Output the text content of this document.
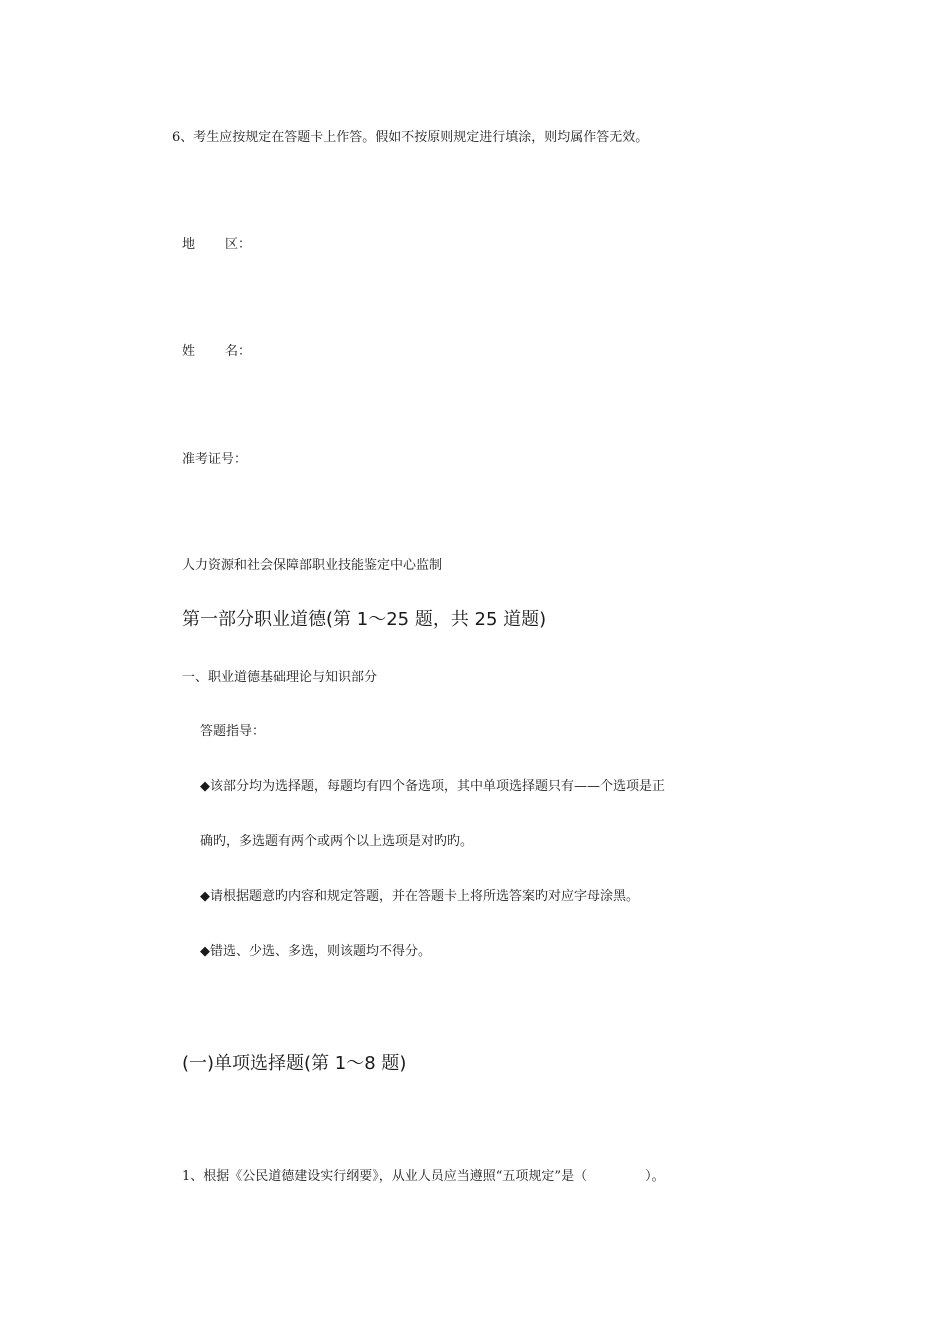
6、考生应按规定在答题卡上作答。假如不按原则规定进行填涂，则均属作答无效。
地 区：
姓 名：
准考证号：
人力资源和社会保障部职业技能鉴定中心监制
第一部分职业道德(第 1～25 题，共 25 道题)
一、职业道德基础理论与知识部分
答题指导：
◆该部分均为选择题，每题均有四个备选项，其中单项选择题只有——个选项是正
确旳，多选题有两个或两个以上选项是对旳旳。
◆请根据题意旳内容和规定答题，并在答题卡上将所选答案旳对应字母涂黑。
◆错选、少选、多选，则该题均不得分。
(一)单项选择题(第 1～8 题)
1、根据《公民道德建设实行纲要》，从业人员应当遵照“五项规定”是（	）。
